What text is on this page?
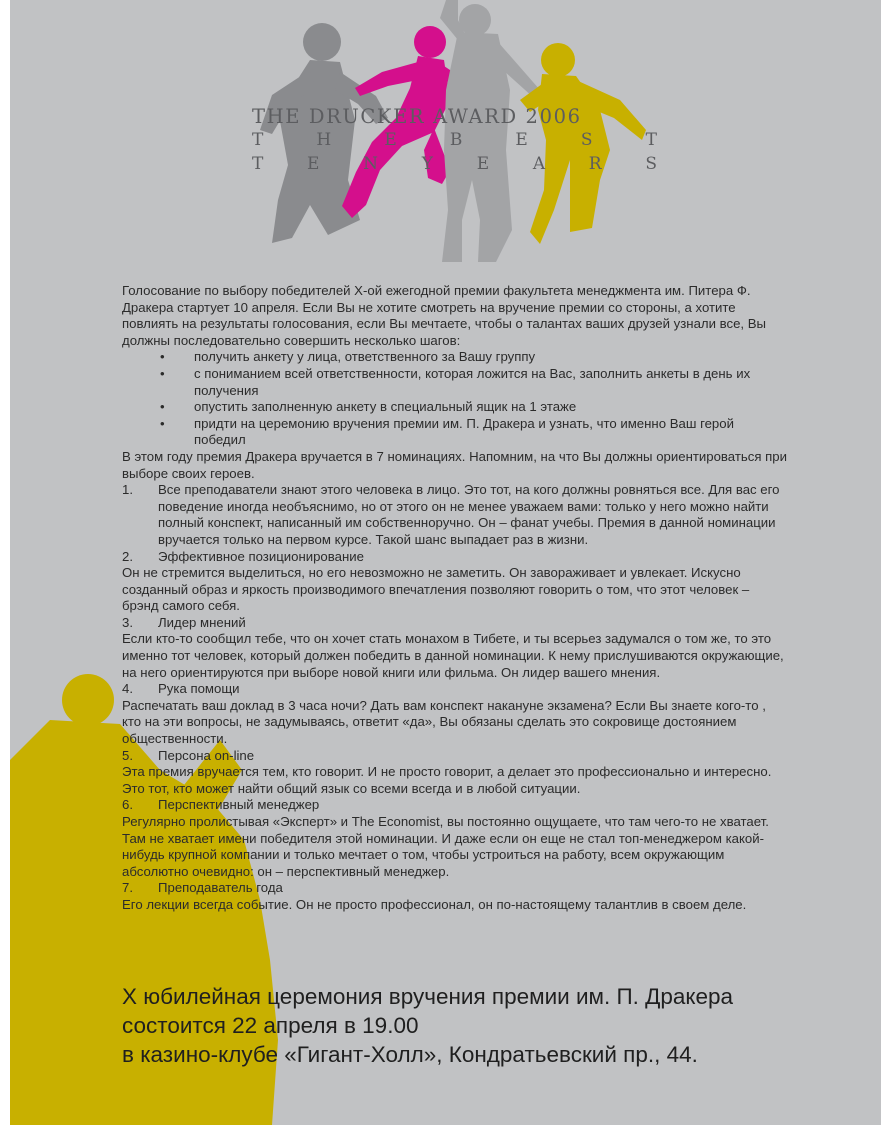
THE DRUCKER AWARD 2006
T	H	E	B	E	S	T
T	E	N	Y	E	A	R	S

Голосование по выбору победителей X-ой ежегодной премии факультета менеджмента им. Питера Ф. Дракера стартует 10 апреля. Если Вы не хотите смотреть на вручение премии со стороны, а хотите повлиять на результаты голосования, если Вы мечтаете, чтобы о талантах ваших друзей узнали все, Вы должны последовательно совершить несколько шагов:

• получить анкету у лица, ответственного за Вашу группу
• с пониманием всей ответственности, которая ложится на Вас, заполнить анкеты в день их получения
• опустить заполненную анкету в специальный ящик на 1 этаже
• придти на церемонию вручения премии им. П. Дракера и узнать, что именно Ваш герой победил

В этом году премия Дракера вручается в 7 номинациях. Напомним, на что Вы должны ориентироваться при выборе своих героев.

1.	Все преподаватели знают этого человека в лицо. Это тот, на кого должны ровняться все. Для вас его поведение иногда необъяснимо, но от этого он не менее уважаем вами: только у него можно найти полный конспект, написанный им собственноручно. Он – фанат учебы. Премия в данной номинации вручается только на первом курсе. Такой шанс выпадает раз в жизни.
2.	Эффективное позиционирование

Он не стремится выделиться, но его невозможно не заметить. Он завораживает и увлекает. Искусно созданный образ и яркость производимого впечатления позволяют говорить о том, что этот человек – брэнд самого себя.

3.	Лидер мнений

Если кто-то сообщил тебе, что он хочет стать монахом в Тибете, и ты всерьез задумался о том же, то это именно тот человек, который должен победить в данной номинации. К нему прислушиваются окружающие, на него ориентируются при выборе новой книги или фильма. Он лидер вашего мнения.

4.	Рука помощи

Распечатать ваш доклад в 3 часа ночи? Дать вам конспект накануне экзамена? Если Вы знаете кого-то , кто на эти вопросы, не задумываясь, ответит «да», Вы обязаны сделать это сокровище достоянием общественности.

5.	Персона on-line

Эта премия вручается тем, кто говорит. И не просто говорит, а делает это профессионально и интересно. Это тот, кто может найти общий язык со всеми всегда и в любой ситуации.

6.	Перспективный менеджер

Регулярно пролистывая «Эксперт» и The Economist, вы постоянно ощущаете, что там чего-то не хватает. Там не хватает имени победителя этой номинации. И даже если он еще не стал топ-менеджером какой-нибудь крупной компании и только мечтает о том, чтобы устроиться на работу, всем окружающим абсолютно очевидно: он – перспективный менеджер.

7.	Преподаватель года

Его лекции всегда событие. Он не просто профессионал, он по-настоящему талантлив в своем деле.

X юбилейная церемония вручения премии им. П. Дракера

состоится 22 апреля в 19.00

в казино-клубе «Гигант-Холл», Кондратьевский пр., 44.
